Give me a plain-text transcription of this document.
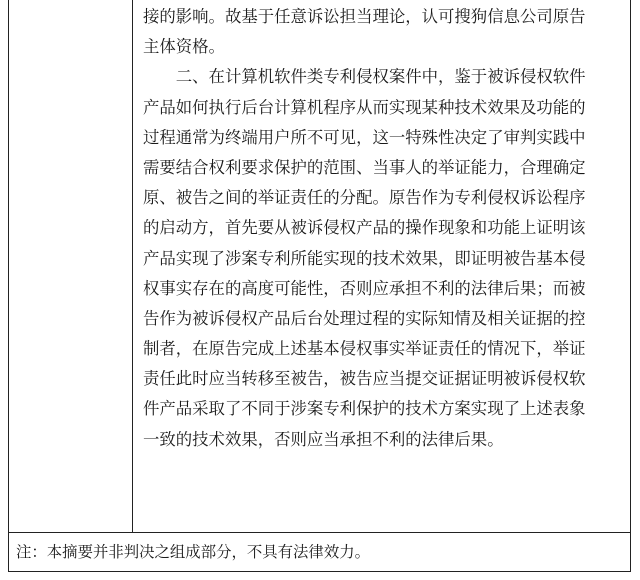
接的影响。故基于任意诉讼担当理论，认可搜狗信息公司原告
主体资格。
　　二、在计算机软件类专利侵权案件中，鉴于被诉侵权软件
产品如何执行后台计算机程序从而实现某种技术效果及功能的
过程通常为终端用户所不可见，这一特殊性决定了审判实践中
需要结合权利要求保护的范围、当事人的举证能力，合理确定
原、被告之间的举证责任的分配。原告作为专利侵权诉讼程序
的启动方，首先要从被诉侵权产品的操作现象和功能上证明该
产品实现了涉案专利所能实现的技术效果，即证明被告基本侵
权事实存在的高度可能性，否则应承担不利的法律后果；而被
告作为被诉侵权产品后台处理过程的实际知情及相关证据的控
制者，在原告完成上述基本侵权事实举证责任的情况下，举证
责任此时应当转移至被告，被告应当提交证据证明被诉侵权软
件产品采取了不同于涉案专利保护的技术方案实现了上述表象
一致的技术效果，否则应当承担不利的法律后果。
注：本摘要并非判决之组成部分，不具有法律效力。
